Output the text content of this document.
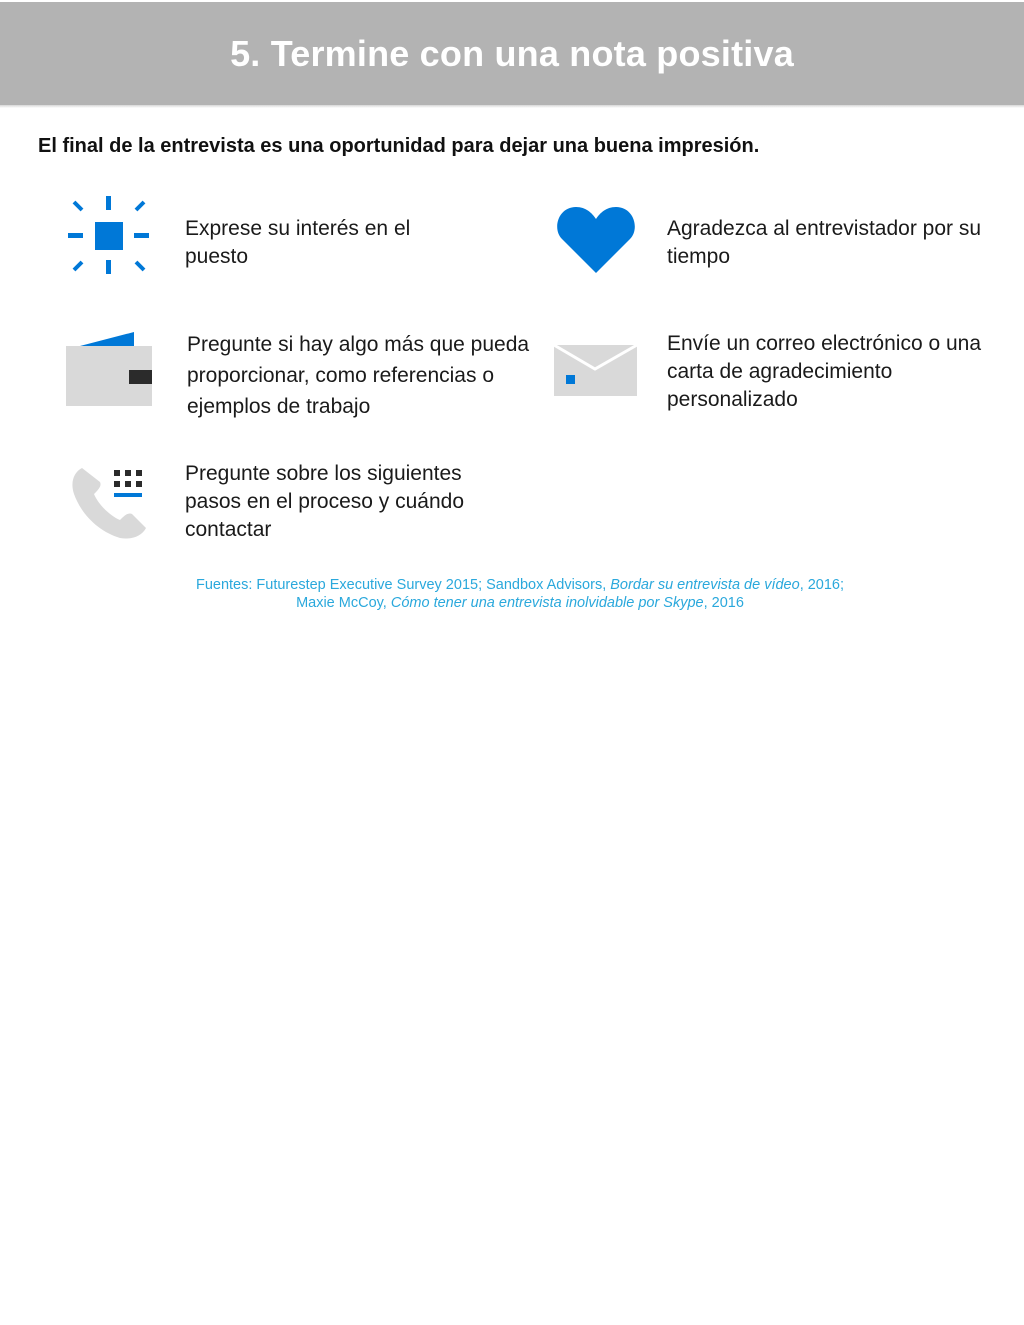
5. Termine con una nota positiva

El final de la entrevista es una oportunidad para dejar una buena impresión.

Exprese su interés en el puesto

Agradezca al entrevistador por su tiempo

Pregunte si hay algo más que pueda proporcionar, como referencias o ejemplos de trabajo

Envíe un correo electrónico o una carta de agradecimiento personalizado

Pregunte sobre los siguientes pasos en el proceso y cuándo contactar

Fuentes: Futurestep Executive Survey 2015; Sandbox Advisors, Bordar su entrevista de vídeo, 2016;
Maxie McCoy, Cómo tener una entrevista inolvidable por Skype, 2016
